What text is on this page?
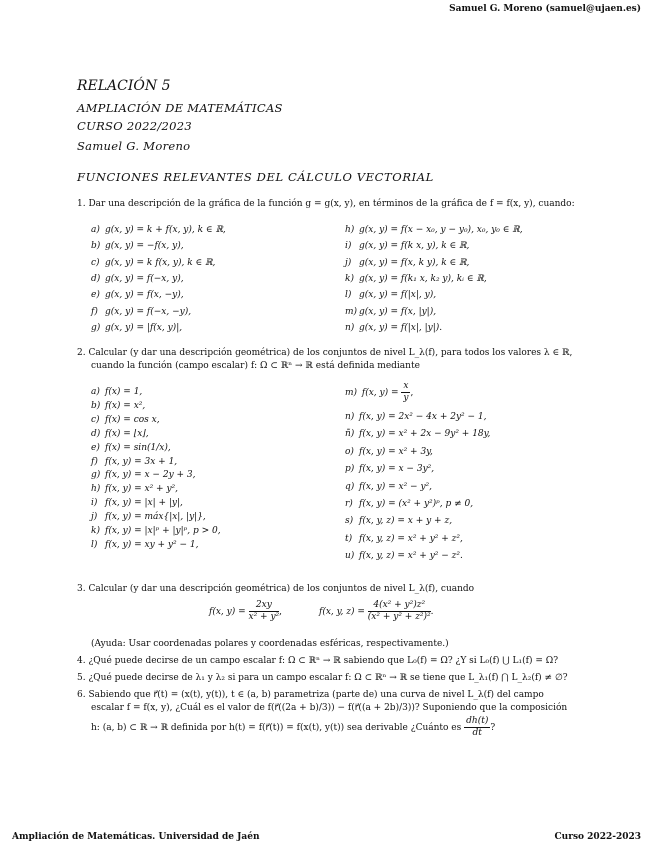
Samuel G. Moreno (samuel@ujaen.es)
RELACIÓN 5
AMPLIACIÓN DE MATEMÁTICAS
CURSO 2022/2023
Samuel G. Moreno
FUNCIONES RELEVANTES DEL CÁLCULO VECTORIAL
1. Dar una descripción de la gráfica de la función g = g(x, y), en términos de la gráfica de f = f(x, y), cuando:
a) g(x, y) = k + f(x, y), k ∈ ℝ,
b) g(x, y) = −f(x, y),
c) g(x, y) = k f(x, y), k ∈ ℝ,
d) g(x, y) = f(−x, y),
e) g(x, y) = f(x, −y),
f) g(x, y) = f(−x, −y),
g) g(x, y) = |f(x, y)|,
h) g(x, y) = f(x − x₀, y − y₀), x₀, y₀ ∈ ℝ,
i) g(x, y) = f(k x, y), k ∈ ℝ,
j) g(x, y) = f(x, k y), k ∈ ℝ,
k) g(x, y) = f(k₁ x, k₂ y), kᵢ ∈ ℝ,
l) g(x, y) = f(|x|, y),
m) g(x, y) = f(x, |y|),
n) g(x, y) = f(|x|, |y|).
2. Calcular (y dar una descripción geométrica) de los conjuntos de nivel L_λ(f), para todos los valores λ ∈ ℝ,
cuando la función (campo escalar) f: Ω ⊂ ℝⁿ → ℝ está definida mediante
a) f(x) = 1,
b) f(x) = x²,
c) f(x) = cos x,
d) f(x) = ⌊x⌋,
e) f(x) = sin(1/x),
f) f(x, y) = 3x + 1,
g) f(x, y) = x − 2y + 3,
h) f(x, y) = x² + y²,
i) f(x, y) = |x| + |y|,
j) f(x, y) = máx{|x|, |y|},
k) f(x, y) = |x|ᵖ + |y|ᵖ, p > 0,
l) f(x, y) = xy + y² − 1,
m) f(x, $y) = \frac{x}{y}$ ,
n) f(x, y) = 2x² − 4x + 2y² − 1,
ñ) f(x, y) = x² + 2x − 9y² + 18y,
o) f(x, y) = x² + 3y,
p) f(x, y) = x − 3y²,
q) f(x, y) = x² − y²,
r) f(x, y) = (x² + y²)ᵖ, p ≠ 0,
s) f(x, y, z) = x + y + z,
t) f(x, y, z) = x² + y² + z²,
u) f(x, y, z) = x² + y² − z².
3. Calcular (y dar una descripción geométrica) de los conjuntos de nivel L_λ(f), cuando
f(x, $y) = \frac{2xy}{\text{x² + y²}}$ ,	f(x, y, $z) = \frac{\text{4(x² + y²)z²}}{\text{(x² + y² + z²)²}}$ .
(Ayuda: Usar coordenadas polares y coordenadas esféricas, respectivamente.)
4. ¿Qué puede decirse de un campo escalar f: Ω ⊂ ℝⁿ → ℝ sabiendo que L₀(f) = Ω? ¿Y si L₀(f) ⋃ L₁(f) = Ω?
5. ¿Qué puede decirse de λ₁ y λ₂ si para un campo escalar f: Ω ⊂ ℝⁿ → ℝ se tiene que L_λ₁(f) ⋂ L_λ₂(f) ≠ ∅?
6. Sabiendo que r⃗(t) = (x(t), y(t)), t ∈ (a, b) parametriza (parte de) una curva de nivel L_λ(f) del campo
escalar f = f(x, y), ¿Cuál es el valor de f(r⃗((2a + b)/3)) − f(r⃗((a + 2b)/3))? Suponiendo que la composición
h: (a, b) ⊂ ℝ → ℝ definida por h(t) = f(r⃗(t)) = f(x(t), y(t)) sea derivable ¿Cuánto es $\frac{dh(t)}{dt}$ ?
Ampliación de Matemáticas. Universidad de Jaén	Curso 2022-2023
